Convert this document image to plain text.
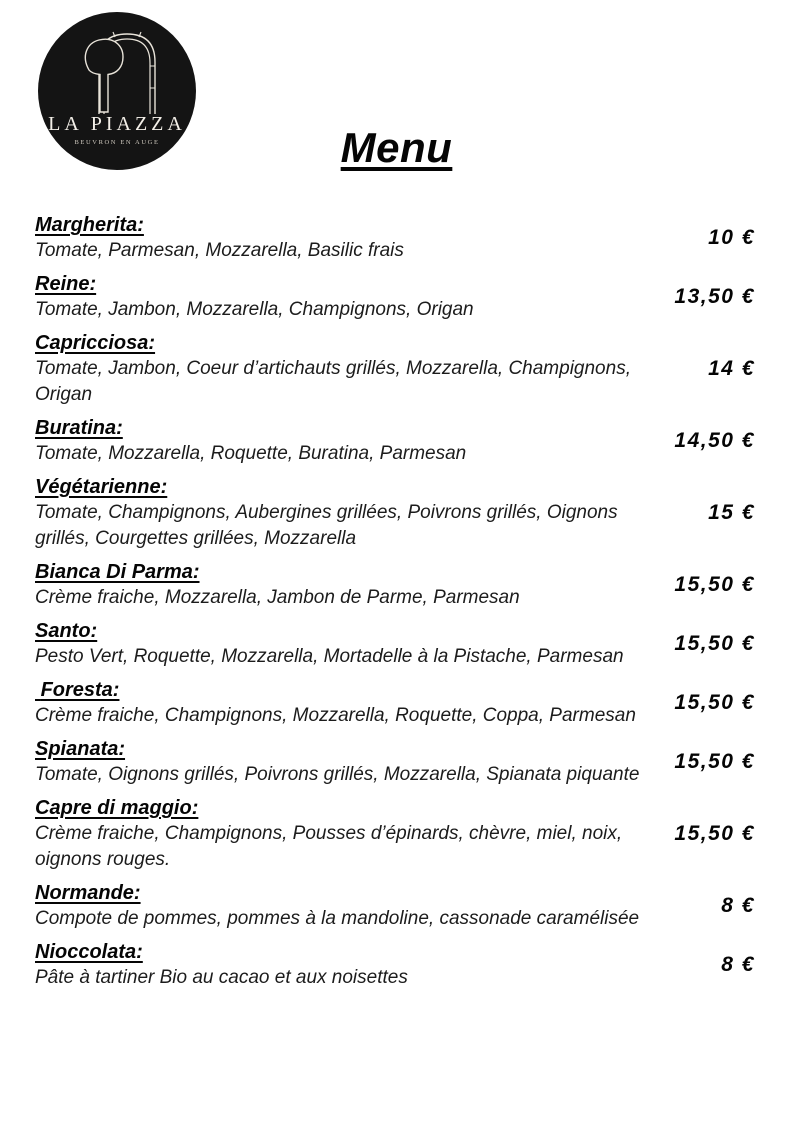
LA PIAZZA
BEUVRON EN AUGE	Menu
Margherita:
Tomate, Parmesan, Mozzarella, Basilic frais
10 €
Reine:
Tomate, Jambon, Mozzarella, Champignons, Origan
13,50 €
Capricciosa:
Tomate, Jambon, Coeur d’artichauts grillés, Mozzarella, Champignons, Origan
14 €
Buratina:
Tomate, Mozzarella, Roquette, Buratina, Parmesan
14,50 €
Végétarienne:
Tomate, Champignons, Aubergines grillées, Poivrons grillés, Oignons grillés, Courgettes grillées, Mozzarella
15 €
Bianca Di Parma:
Crème fraiche, Mozzarella, Jambon de Parme, Parmesan
15,50 €
Santo:
Pesto Vert, Roquette, Mozzarella, Mortadelle à la Pistache, Parmesan
15,50 €
Foresta:
Crème fraiche, Champignons, Mozzarella, Roquette, Coppa, Parmesan
15,50 €
Spianata:
Tomate, Oignons grillés, Poivrons grillés, Mozzarella, Spianata piquante
15,50 €
Capre di maggio:
Crème fraiche, Champignons, Pousses d’épinards, chèvre, miel, noix, oignons rouges.
15,50 €
Normande:
Compote de pommes, pommes à la mandoline, cassonade caramélisée
8 €
Nioccolata:
Pâte à tartiner Bio au cacao et aux noisettes
8 €
